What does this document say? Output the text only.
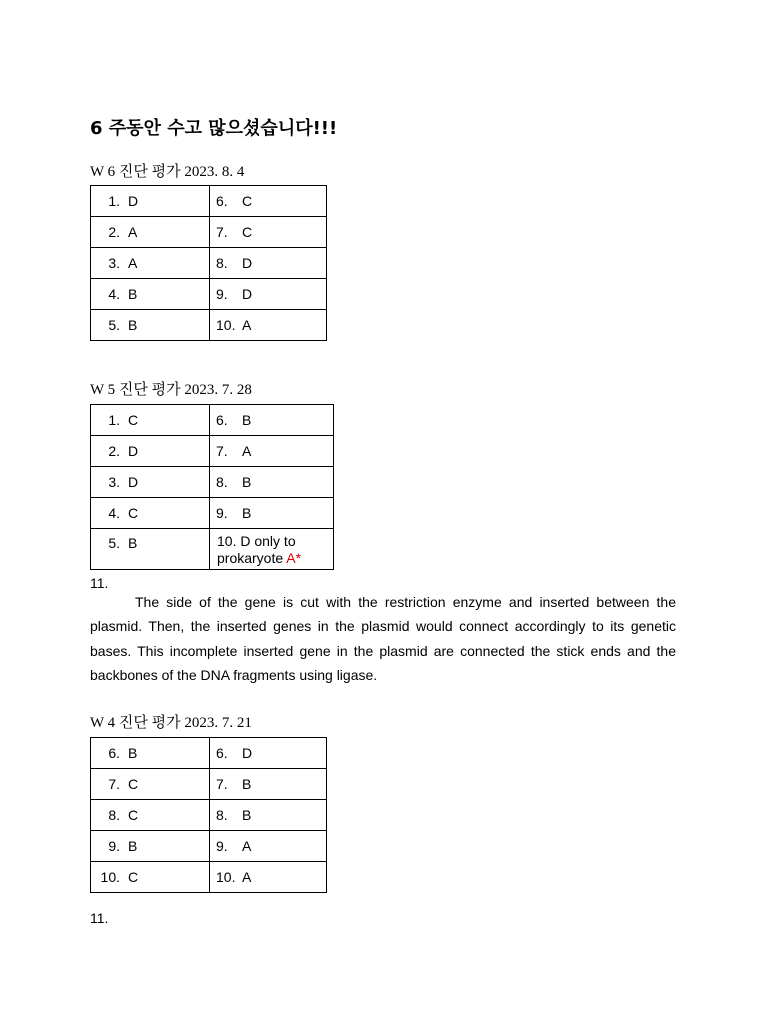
6 주동안 수고 많으셨습니다!!!
W 6 진단 평가 2023. 8. 4
1. D	6. C
2. A	7. C
3. A	8. D
4. B	9. D
5. B	10. A
W 5 진단 평가 2023. 7. 28
1. C	6. B
2. D	7. A
3. D	8. B
4. C	9. B
5. B	10. D only to prokaryote A*
11.

The side of the gene is cut with the restriction enzyme and inserted between the plasmid. Then, the inserted genes in the plasmid would connect accordingly to its genetic bases. This incomplete inserted gene in the plasmid are connected the stick ends and the backbones of the DNA fragments using ligase.

W 4 진단 평가 2023. 7. 21
6. B	6. D
7. C	7. B
8. C	8. B
9. B	9. A
10. C	10. A
11.
